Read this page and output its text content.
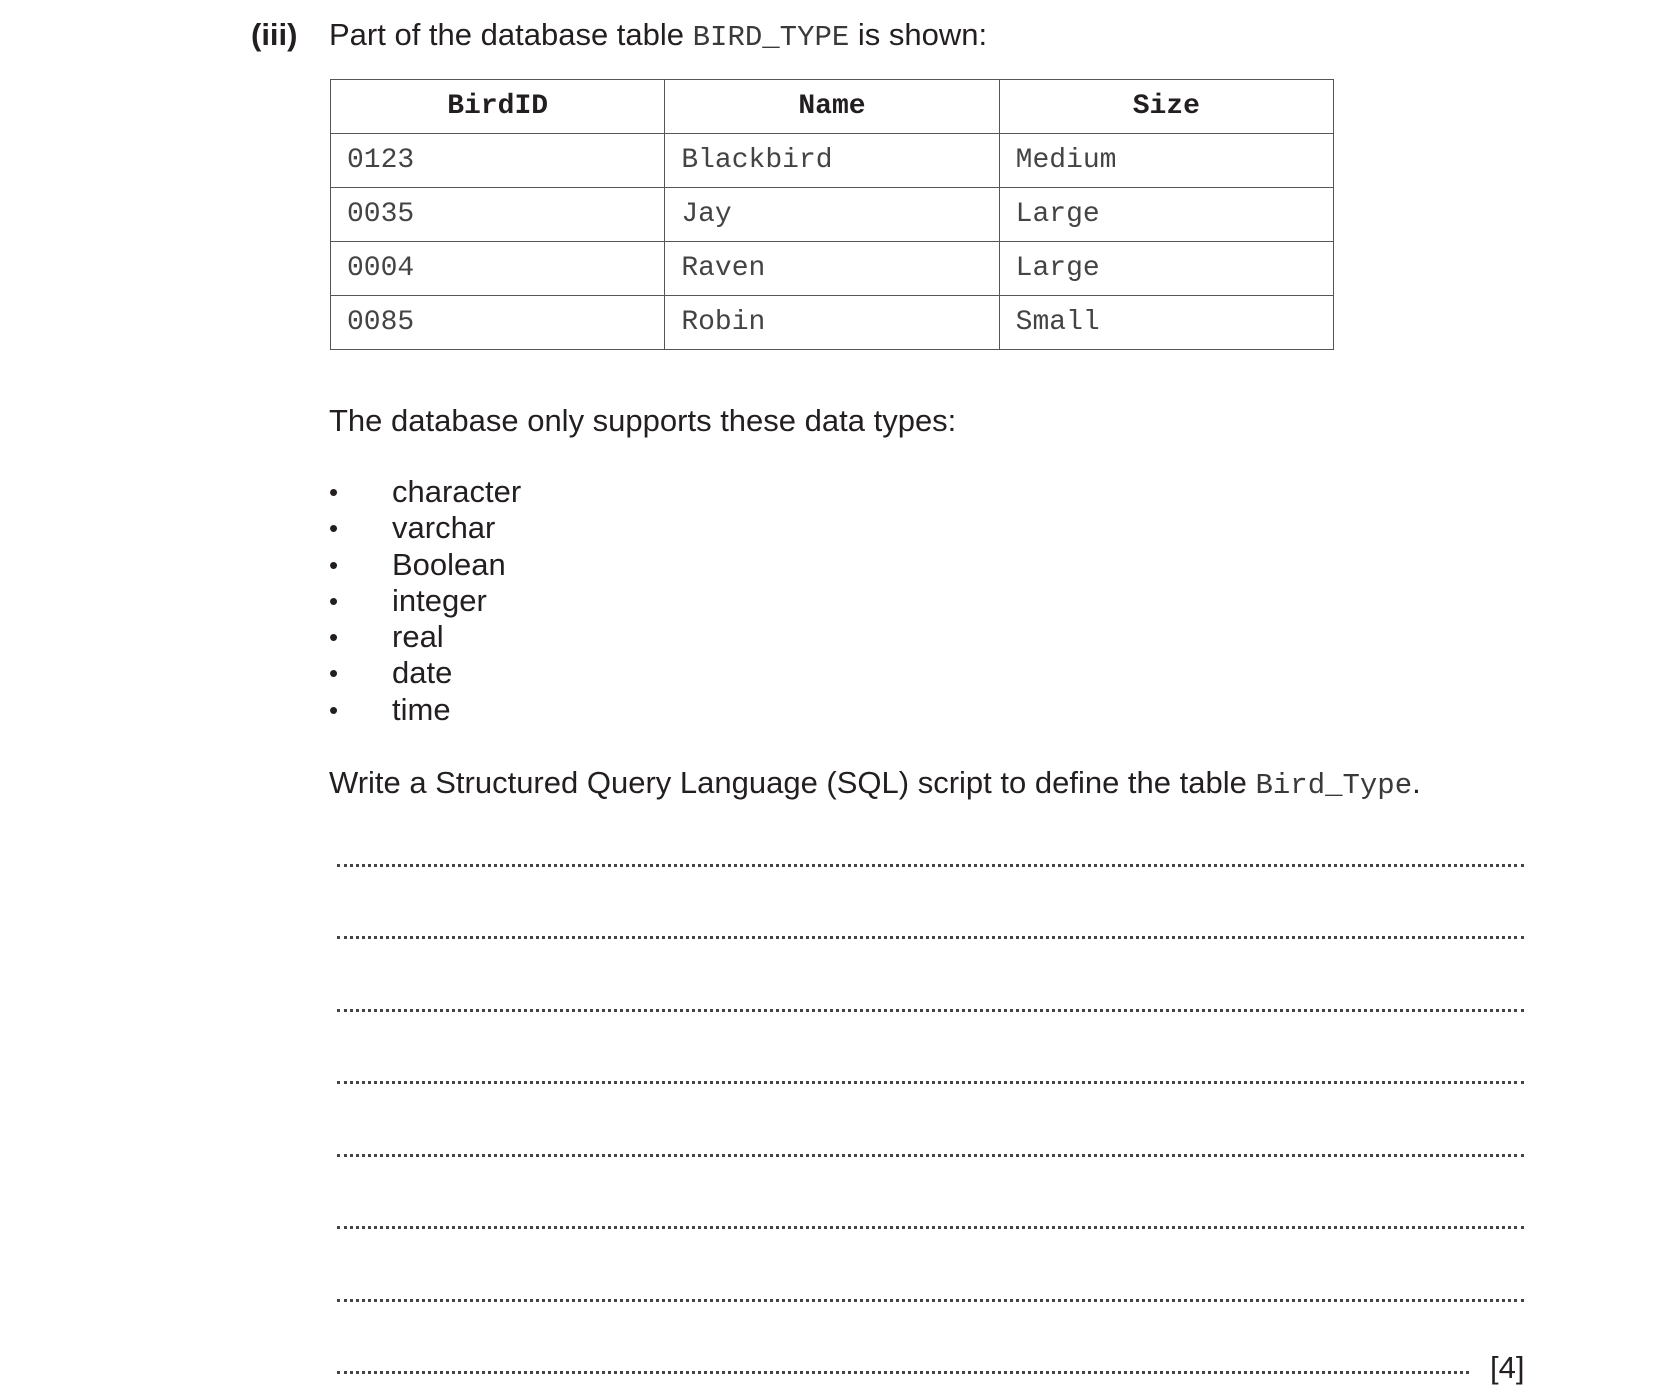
(iii) Part of the database table BIRD_TYPE is shown:
BirdID	Name	Size
0123	Blackbird	Medium
0035	Jay	Large
0004	Raven	Large
0085	Robin	Small
The database only supports these data types:
• character
• varchar
• Boolean
• integer
• real
• date
• time
Write a Structured Query Language (SQL) script to define the table Bird_Type.
[4]
